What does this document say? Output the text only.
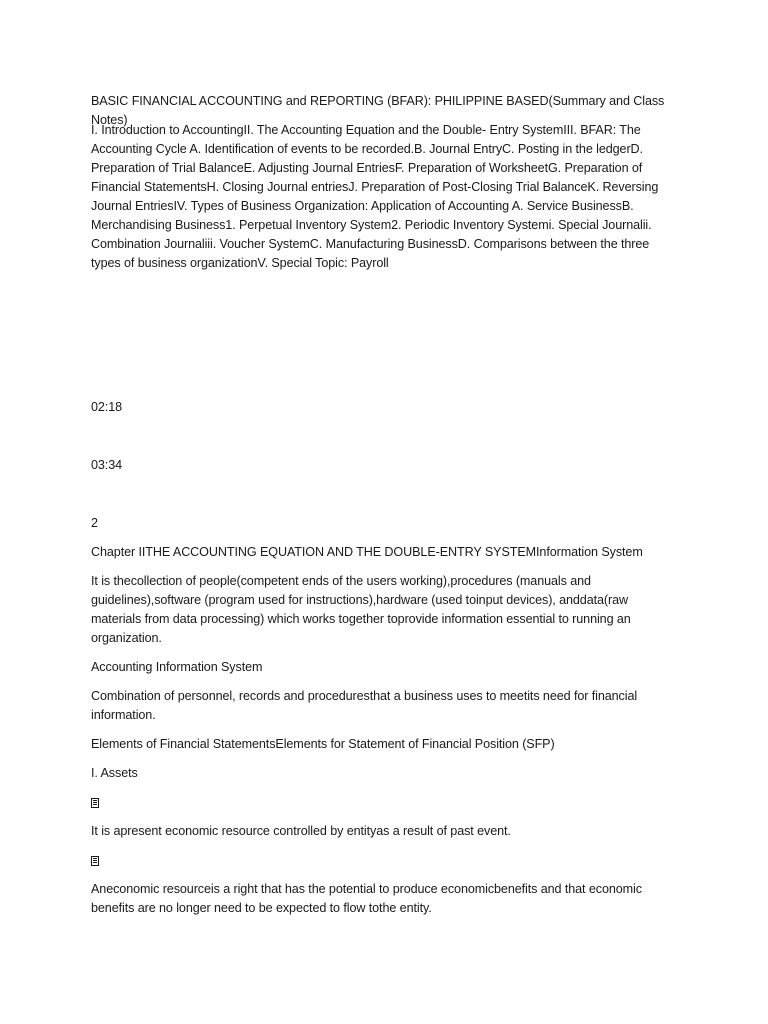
BASIC FINANCIAL ACCOUNTING and REPORTING (BFAR): PHILIPPINE BASED(Summary and Class Notes)

I. Introduction to AccountingII. The Accounting Equation and the Double- Entry SystemIII. BFAR: The Accounting Cycle A. Identification of events to be recorded.B. Journal EntryC. Posting in the ledgerD. Preparation of Trial BalanceE. Adjusting Journal EntriesF. Preparation of WorksheetG. Preparation of Financial StatementsH. Closing Journal entriesJ. Preparation of Post-Closing Trial BalanceK. Reversing Journal EntriesIV. Types of Business Organization: Application of Accounting A. Service BusinessB. Merchandising Business1. Perpetual Inventory System2. Periodic Inventory Systemi. Special Journalii. Combination Journaliii. Voucher SystemC. Manufacturing BusinessD. Comparisons between the three types of business organizationV. Special Topic: Payroll

02:18

03:34

2

Chapter IITHE ACCOUNTING EQUATION AND THE DOUBLE-ENTRY SYSTEMInformation System

It is thecollection of people(competent ends of the users working),procedures (manuals and guidelines),software (program used for instructions),hardware (used toinput devices), anddata(raw materials from data processing) which works together toprovide information essential to running an organization.

Accounting Information System

Combination of personnel, records and proceduresthat a business uses to meetits need for financial information.

Elements of Financial StatementsElements for Statement of Financial Position (SFP)

I. Assets

It is apresent economic resource controlled by entityas a result of past event.

Aneconomic resourceis a right that has the potential to produce economicbenefits and that economic benefits are no longer need to be expected to flow tothe entity.
